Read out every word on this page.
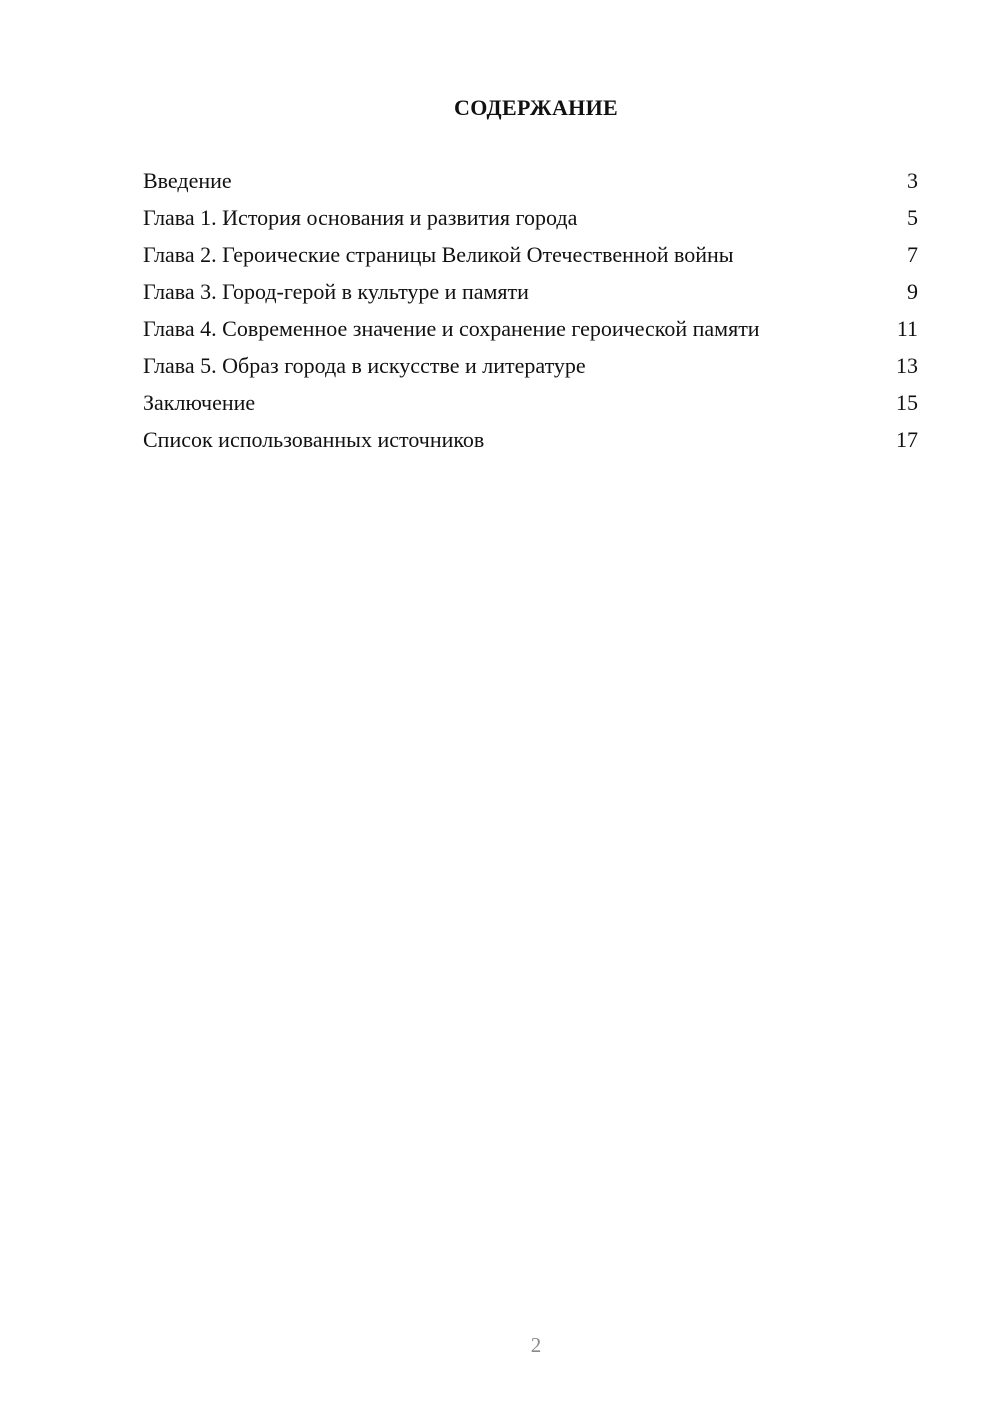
СОДЕРЖАНИЕ
Введение	3
Глава 1. История основания и развития города	5
Глава 2. Героические страницы Великой Отечественной войны	7
Глава 3. Город-герой в культуре и памяти	9
Глава 4. Современное значение и сохранение героической памяти	11
Глава 5. Образ города в искусстве и литературе	13
Заключение	15
Список использованных источников	17
2
